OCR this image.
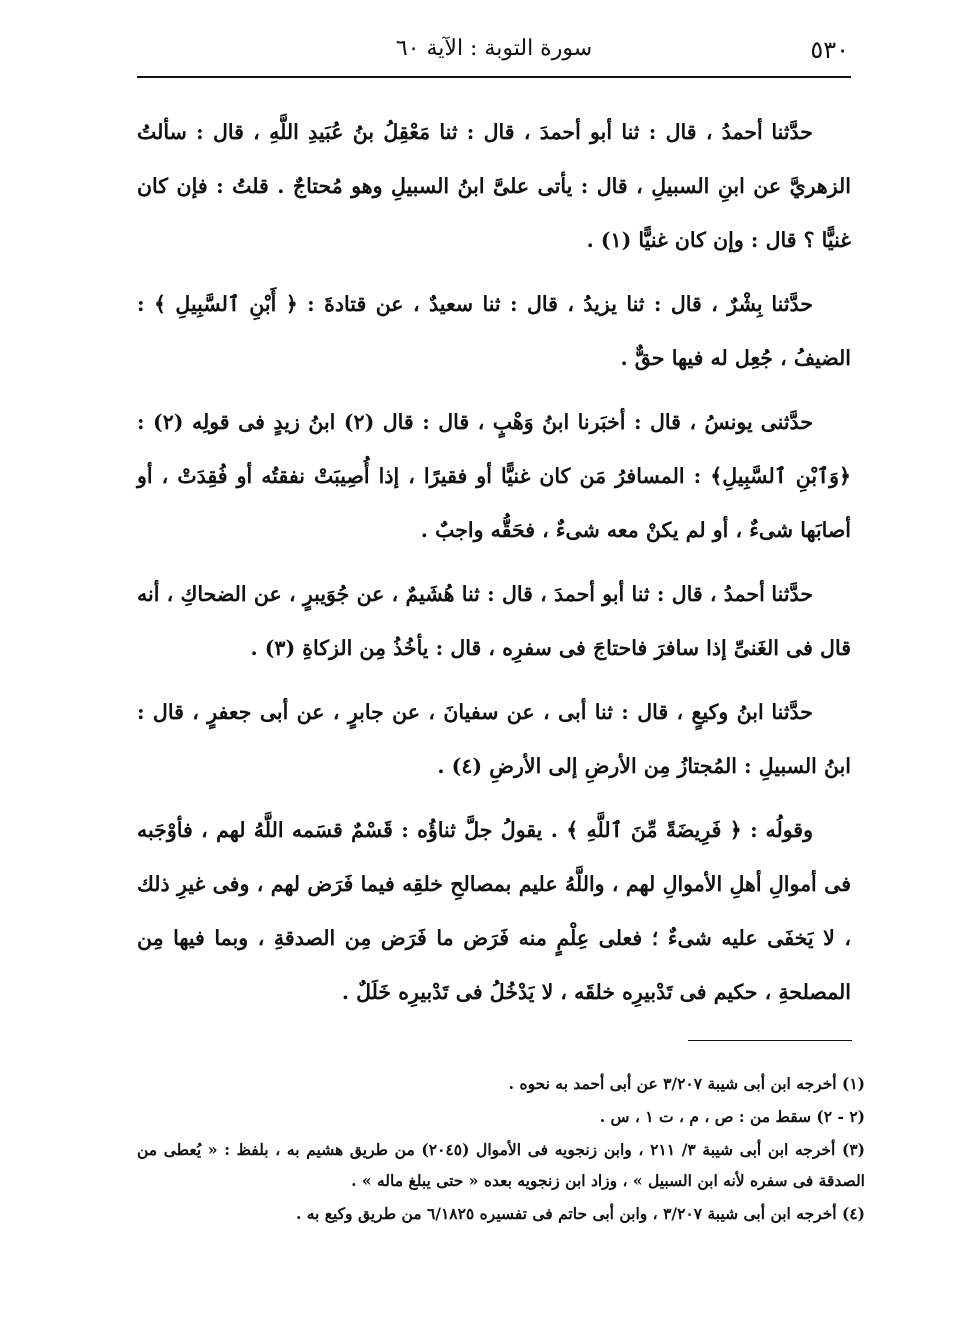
٥٣٠
سورة التوبة : الآية ٦٠

حدَّثنا أحمدُ ، قال : ثنا أبو أحمدَ ، قال : ثنا مَعْقِلُ بنُ عُبَيدِ اللَّهِ ، قال : سألتُ الزهريَّ عن ابنِ السبيلِ ، قال : يأتى علىَّ ابنُ السبيلِ وهو مُحتاجٌ . قلتُ : فإن كان غنيًّا ؟ قال : وإن كان غنيًّا (١) .

حدَّثنا بِشْرٌ ، قال : ثنا يزيدُ ، قال : ثنا سعيدٌ ، عن قتادةَ : ﴿ أَبْنِ ٱلسَّبِيلِ ﴾ : الضيفُ ، جُعِل له فيها حقٌّ .

حدَّثنى يونسُ ، قال : أخبَرنا ابنُ وَهْبٍ ، قال : قال (٢) ابنُ زيدٍ فى قولِه (٢) : ﴿وَٱبْنِ ٱلسَّبِيلِ﴾ : المسافرُ مَن كان غنيًّا أو فقيرًا ، إذا أُصِيبَتْ نفقتُه أو فُقِدَتْ ، أو أصابَها شىءٌ ، أو لم يكنْ معه شىءٌ ، فحَقُّه واجبٌ .

حدَّثنا أحمدُ ، قال : ثنا أبو أحمدَ ، قال : ثنا هُشَيمٌ ، عن جُوَيبرٍ ، عن الضحاكِ ، أنه قال فى الغَنىِّ إذا سافرَ فاحتاجَ فى سفرِه ، قال : يأخُذُ مِن الزكاةِ (٣) .

حدَّثنا ابنُ وكيعٍ ، قال : ثنا أبى ، عن سفيانَ ، عن جابرٍ ، عن أبى جعفرٍ ، قال : ابنُ السبيلِ : المُجتازُ مِن الأرضِ إلى الأرضِ (٤) .

وقولُه : ﴿ فَرِيضَةً مِّنَ ٱللَّهِ ﴾ . يقولُ جلَّ ثناؤُه : قَسْمٌ قسَمه اللَّهُ لهم ، فأوْجَبه فى أموالِ أهلِ الأموالِ لهم ، واللَّهُ عليم بمصالحِ خلقِه فيما فَرَض لهم ، وفى غيرِ ذلك ، لا يَخفَى عليه شىءٌ ؛ فعلى عِلْمٍ منه فَرَض ما فَرَض مِن الصدقةِ ، وبما فيها مِن المصلحةِ ، حكيم فى تَدْبيرِه خلقَه ، لا يَدْخُلُ فى تَدْبيرِه خَلَلٌ .

(١) أخرجه ابن أبى شيبة ٣/٢٠٧ عن أبى أحمد به نحوه .

(٢ - ٢) سقط من : ص ، م ، ت ١ ، س .

(٣) أخرجه ابن أبى شيبة ٣/ ٢١١ ، وابن زنجويه فى الأموال (٢٠٤٥) من طريق هشيم به ، بلفظ : « يُعطى من الصدقة فى سفره لأنه ابن السبيل » ، وزاد ابن زنجويه بعده « حتى يبلغ ماله » .

(٤) أخرجه ابن أبى شيبة ٣/٢٠٧ ، وابن أبى حاتم فى تفسيره ٦/١٨٢٥ من طريق وكيع به .
